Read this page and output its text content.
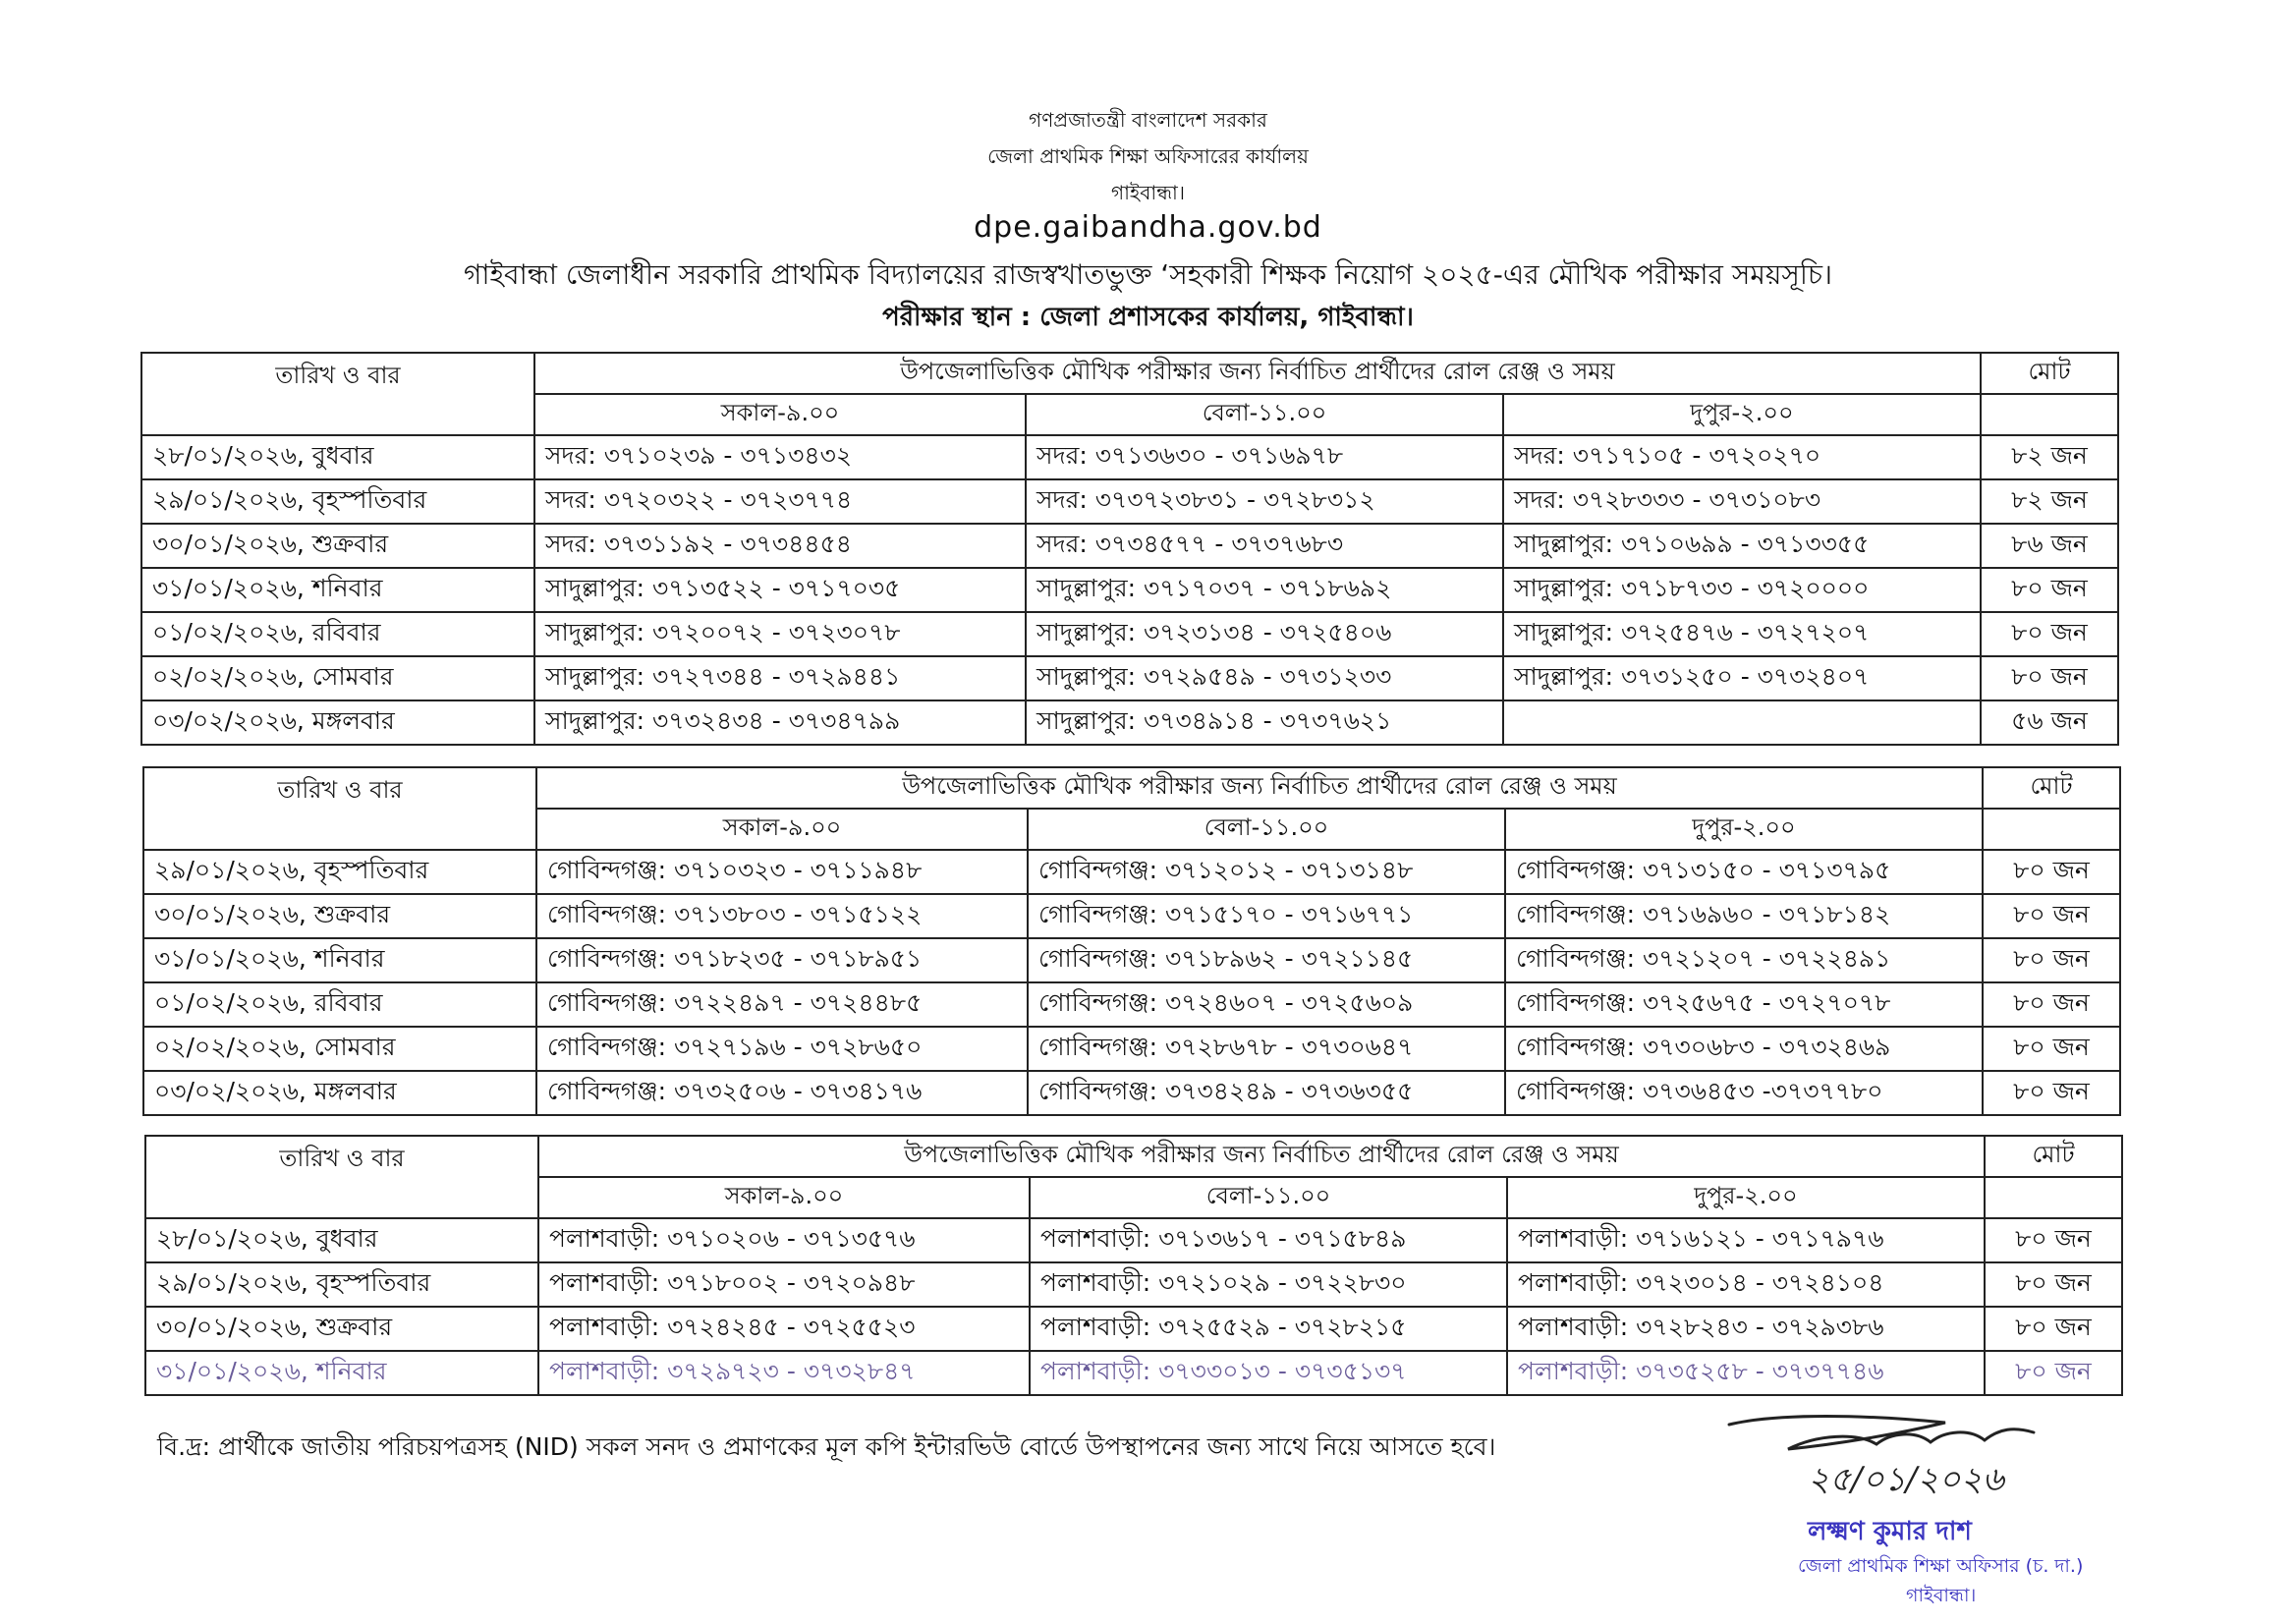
গণপ্রজাতন্ত্রী বাংলাদেশ সরকার
জেলা প্রাথমিক শিক্ষা অফিসারের কার্যালয়
গাইবান্ধা।
dpe.gaibandha.gov.bd
গাইবান্ধা জেলাধীন সরকারি প্রাথমিক বিদ্যালয়ের রাজস্বখাতভুক্ত ‘সহকারী শিক্ষক নিয়োগ ২০২৫-এর মৌখিক পরীক্ষার সময়সূচি।
পরীক্ষার স্থান : জেলা প্রশাসকের কার্যালয়, গাইবান্ধা।
তারিখ ও বার	উপজেলাভিত্তিক মৌখিক পরীক্ষার জন্য নির্বাচিত প্রার্থীদের রোল রেঞ্জ ও সময়			মোট
	সকাল-৯.০০	বেলা-১১.০০	দুপুর-২.০০	
২৮/০১/২০২৬, বুধবার	সদর: ৩৭১০২৩৯ - ৩৭১৩৪৩২	সদর: ৩৭১৩৬৩০ - ৩৭১৬৯৭৮	সদর: ৩৭১৭১০৫ - ৩৭২০২৭০	৮২ জন
২৯/০১/২০২৬, বৃহস্পতিবার	সদর: ৩৭২০৩২২ - ৩৭২৩৭৭৪	সদর: ৩৭৩৭২৩৮৩১ - ৩৭২৮৩১২	সদর: ৩৭২৮৩৩৩ - ৩৭৩১০৮৩	৮২ জন
৩০/০১/২০২৬, শুক্রবার	সদর: ৩৭৩১১৯২ - ৩৭৩৪৪৫৪	সদর: ৩৭৩৪৫৭৭ - ৩৭৩৭৬৮৩	সাদুল্লাপুর: ৩৭১০৬৯৯ - ৩৭১৩৩৫৫	৮৬ জন
৩১/০১/২০২৬, শনিবার	সাদুল্লাপুর: ৩৭১৩৫২২ - ৩৭১৭০৩৫	সাদুল্লাপুর: ৩৭১৭০৩৭ - ৩৭১৮৬৯২	সাদুল্লাপুর: ৩৭১৮৭৩৩ - ৩৭২০০০০	৮০ জন
০১/০২/২০২৬, রবিবার	সাদুল্লাপুর: ৩৭২০০৭২ - ৩৭২৩০৭৮	সাদুল্লাপুর: ৩৭২৩১৩৪ - ৩৭২৫৪০৬	সাদুল্লাপুর: ৩৭২৫৪৭৬ - ৩৭২৭২০৭	৮০ জন
০২/০২/২০২৬, সোমবার	সাদুল্লাপুর: ৩৭২৭৩৪৪ - ৩৭২৯৪৪১	সাদুল্লাপুর: ৩৭২৯৫৪৯ - ৩৭৩১২৩৩	সাদুল্লাপুর: ৩৭৩১২৫০ - ৩৭৩২৪০৭	৮০ জন
০৩/০২/২০২৬, মঙ্গলবার	সাদুল্লাপুর: ৩৭৩২৪৩৪ - ৩৭৩৪৭৯৯	সাদুল্লাপুর: ৩৭৩৪৯১৪ - ৩৭৩৭৬২১		৫৬ জন
তারিখ ও বার	উপজেলাভিত্তিক মৌখিক পরীক্ষার জন্য নির্বাচিত প্রার্থীদের রোল রেঞ্জ ও সময়			মোট
	সকাল-৯.০০	বেলা-১১.০০	দুপুর-২.০০	
২৯/০১/২০২৬, বৃহস্পতিবার	গোবিন্দগঞ্জ: ৩৭১০৩২৩ - ৩৭১১৯৪৮	গোবিন্দগঞ্জ: ৩৭১২০১২ - ৩৭১৩১৪৮	গোবিন্দগঞ্জ: ৩৭১৩১৫০ - ৩৭১৩৭৯৫	৮০ জন
৩০/০১/২০২৬, শুক্রবার	গোবিন্দগঞ্জ: ৩৭১৩৮০৩ - ৩৭১৫১২২	গোবিন্দগঞ্জ: ৩৭১৫১৭০ - ৩৭১৬৭৭১	গোবিন্দগঞ্জ: ৩৭১৬৯৬০ - ৩৭১৮১৪২	৮০ জন
৩১/০১/২০২৬, শনিবার	গোবিন্দগঞ্জ: ৩৭১৮২৩৫ - ৩৭১৮৯৫১	গোবিন্দগঞ্জ: ৩৭১৮৯৬২ - ৩৭২১১৪৫	গোবিন্দগঞ্জ: ৩৭২১২০৭ - ৩৭২২৪৯১	৮০ জন
০১/০২/২০২৬, রবিবার	গোবিন্দগঞ্জ: ৩৭২২৪৯৭ - ৩৭২৪৪৮৫	গোবিন্দগঞ্জ: ৩৭২৪৬০৭ - ৩৭২৫৬০৯	গোবিন্দগঞ্জ: ৩৭২৫৬৭৫ - ৩৭২৭০৭৮	৮০ জন
০২/০২/২০২৬, সোমবার	গোবিন্দগঞ্জ: ৩৭২৭১৯৬ - ৩৭২৮৬৫০	গোবিন্দগঞ্জ: ৩৭২৮৬৭৮ - ৩৭৩০৬৪৭	গোবিন্দগঞ্জ: ৩৭৩০৬৮৩ - ৩৭৩২৪৬৯	৮০ জন
০৩/০২/২০২৬, মঙ্গলবার	গোবিন্দগঞ্জ: ৩৭৩২৫০৬ - ৩৭৩৪১৭৬	গোবিন্দগঞ্জ: ৩৭৩৪২৪৯ - ৩৭৩৬৩৫৫	গোবিন্দগঞ্জ: ৩৭৩৬৪৫৩ -৩৭৩৭৭৮০	৮০ জন
তারিখ ও বার	উপজেলাভিত্তিক মৌখিক পরীক্ষার জন্য নির্বাচিত প্রার্থীদের রোল রেঞ্জ ও সময়			মোট
	সকাল-৯.০০	বেলা-১১.০০	দুপুর-২.০০	
২৮/০১/২০২৬, বুধবার	পলাশবাড়ী: ৩৭১০২০৬ - ৩৭১৩৫৭৬	পলাশবাড়ী: ৩৭১৩৬১৭ - ৩৭১৫৮৪৯	পলাশবাড়ী: ৩৭১৬১২১ - ৩৭১৭৯৭৬	৮০ জন
২৯/০১/২০২৬, বৃহস্পতিবার	পলাশবাড়ী: ৩৭১৮০০২ - ৩৭২০৯৪৮	পলাশবাড়ী: ৩৭২১০২৯ - ৩৭২২৮৩০	পলাশবাড়ী: ৩৭২৩০১৪ - ৩৭২৪১০৪	৮০ জন
৩০/০১/২০২৬, শুক্রবার	পলাশবাড়ী: ৩৭২৪২৪৫ - ৩৭২৫৫২৩	পলাশবাড়ী: ৩৭২৫৫২৯ - ৩৭২৮২১৫	পলাশবাড়ী: ৩৭২৮২৪৩ - ৩৭২৯৩৮৬	৮০ জন
৩১/০১/২০২৬, শনিবার	পলাশবাড়ী: ৩৭২৯৭২৩ - ৩৭৩২৮৪৭	পলাশবাড়ী: ৩৭৩৩০১৩ - ৩৭৩৫১৩৭	পলাশবাড়ী: ৩৭৩৫২৫৮ - ৩৭৩৭৭৪৬	৮০ জন
বি.দ্র: প্রার্থীকে জাতীয় পরিচয়পত্রসহ (NID) সকল সনদ ও প্রমাণকের মূল কপি ইন্টারভিউ বোর্ডে উপস্থাপনের জন্য সাথে নিয়ে আসতে হবে।
২৫/০১/২০২৬
লক্ষ্মণ কুমার দাশ
জেলা প্রাথমিক শিক্ষা অফিসার (চ. দা.)
গাইবান্ধা।
